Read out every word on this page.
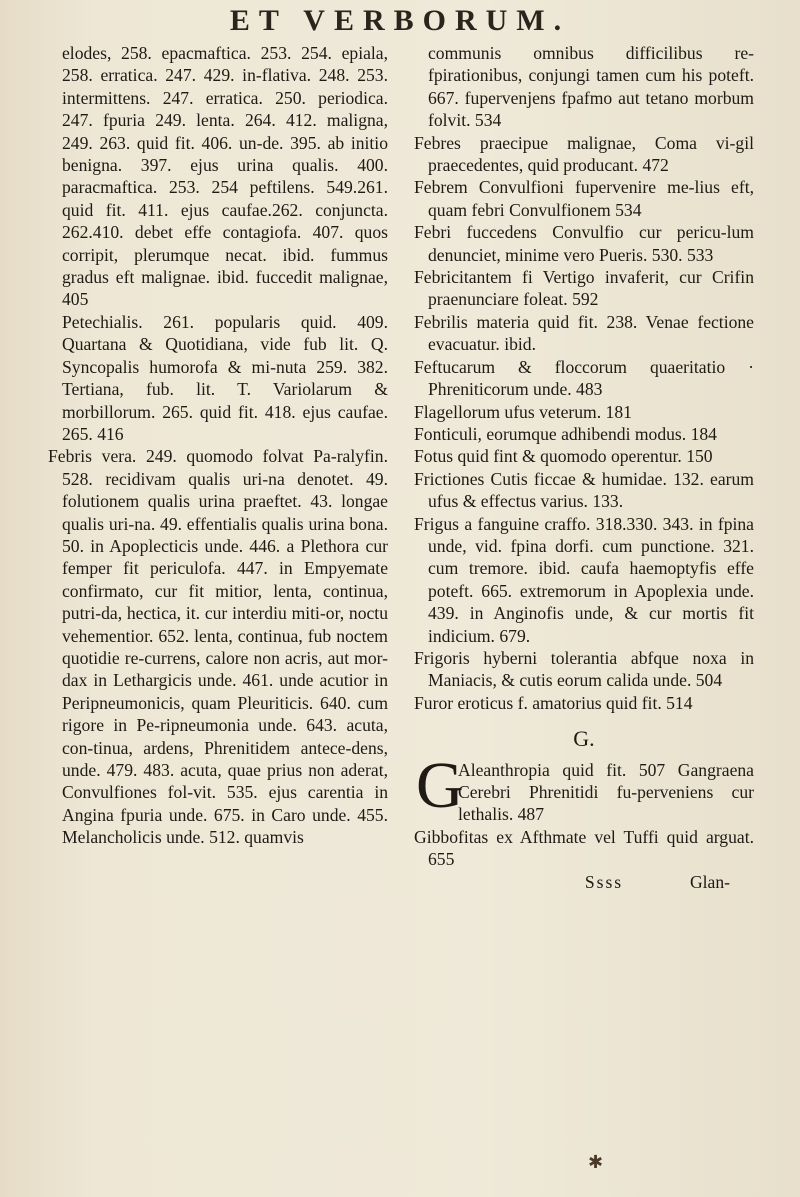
ET VERBORUM.

elodes, 258. epacmaftica. 253. 254. epiala, 258. erratica. 247. 429. in-flativa. 248. 253. intermittens. 247. erratica. 250. periodica. 247. fpuria 249. lenta. 264. 412. maligna, 249. 263. quid fit. 406. un-de. 395. ab initio benigna. 397. ejus urina qualis. 400. paracmaftica. 253. 254 peftilens. 549.261. quid fit. 411. ejus caufae.262. conjuncta. 262.410. debet effe contagiofa. 407. quos corripit, plerumque necat. ibid. fummus gradus eft malignae. ibid. fuccedit malignae, 405

Petechialis. 261. popularis quid. 409. Quartana & Quotidiana, vide fub lit. Q. Syncopalis humorofa & mi-nuta 259. 382. Tertiana, fub. lit. T. Variolarum & morbillorum. 265. quid fit. 418. ejus caufae. 265. 416

Febris vera. 249. quomodo folvat Pa-ralyfin. 528. recidivam qualis uri-na denotet. 49. folutionem qualis urina praeftet. 43. longae qualis uri-na. 49. effentialis qualis urina bona. 50. in Apoplecticis unde. 446. a Plethora cur femper fit periculofa. 447. in Empyemate confirmato, cur fit mitior, lenta, continua, putri-da, hectica, it. cur interdiu miti-or, noctu vehementior. 652. lenta, continua, fub noctem quotidie re-currens, calore non acris, aut mor-dax in Lethargicis unde. 461. unde acutior in Peripneumonicis, quam Pleuriticis. 640. cum rigore in Pe-ripneumonia unde. 643. acuta, con-tinua, ardens, Phrenitidem antece-dens, unde. 479. 483. acuta, quae prius non aderat, Convulfiones fol-vit. 535. ejus carentia in Angina fpuria unde. 675. in Caro unde. 455. Melancholicis unde. 512. quamvis

communis omnibus difficilibus re-fpirationibus, conjungi tamen cum his poteft. 667. fupervenjens fpafmo aut tetano morbum folvit. 534

Febres praecipue malignae, Coma vi-gil praecedentes, quid producant. 472

Febrem Convulfioni fupervenire me-lius eft, quam febri Convulfionem 534

Febri fuccedens Convulfio cur pericu-lum denunciet, minime vero Pueris. 530. 533

Febricitantem fi Vertigo invaferit, cur Crifin praenunciare foleat. 592

Febrilis materia quid fit. 238. Venae fectione evacuatur. ibid.

Feftucarum & floccorum quaeritatio · Phreniticorum unde. 483

Flagellorum ufus veterum. 181

Fonticuli, eorumque adhibendi modus. 184

Fotus quid fint & quomodo operentur. 150

Frictiones Cutis ficcae & humidae. 132. earum ufus & effectus varius. 133.

Frigus a fanguine craffo. 318.330. 343. in fpina unde, vid. fpina dorfi. cum punctione. 321. cum tremore. ibid. caufa haemoptyfis effe poteft. 665. extremorum in Apoplexia unde. 439. in Anginofis unde, & cur mortis fit indicium. 679.

Frigoris hyberni tolerantia abfque noxa in Maniacis, & cutis eorum calida unde. 504

Furor eroticus f. amatorius quid fit. 514

G.

G
Aleanthropia quid fit. 507 Gangraena Cerebri Phrenitidi fu-perveniens cur lethalis. 487

Gibbofitas ex Afthmate vel Tuffi quid arguat. 655

Ssss	Glan-
✱
